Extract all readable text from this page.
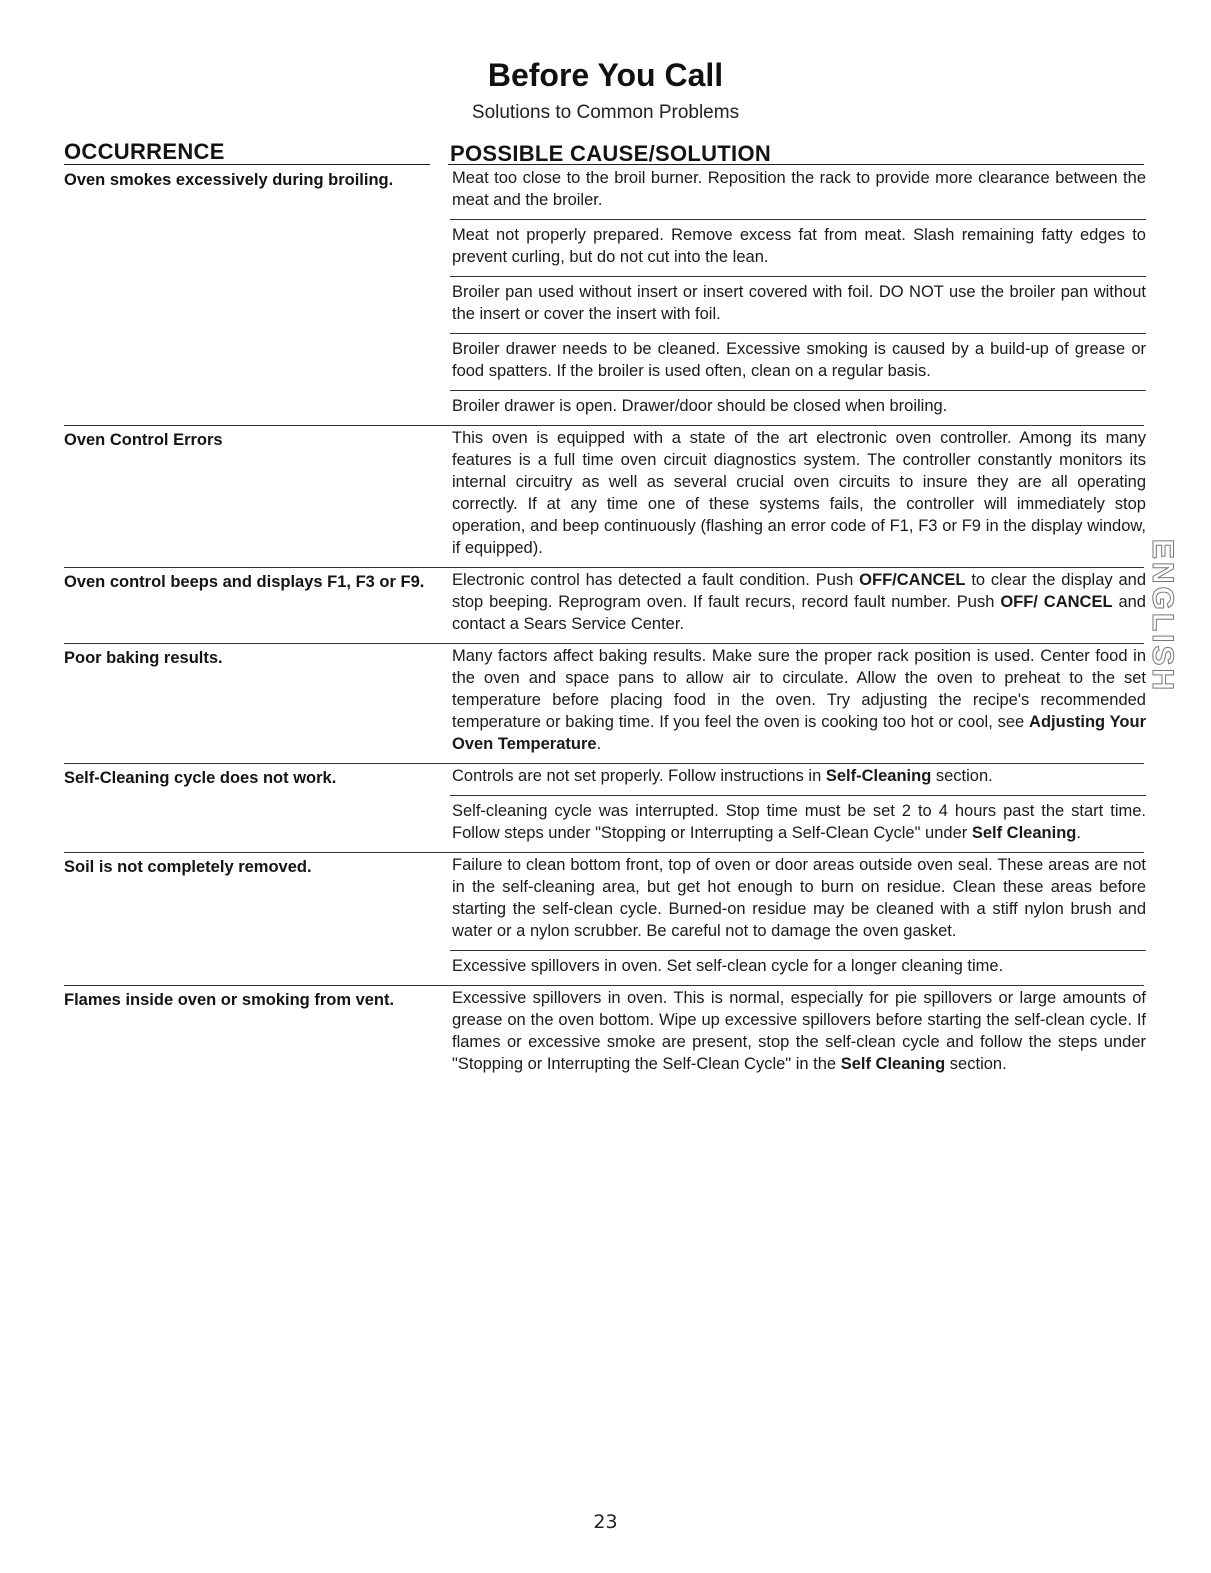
Before You Call
Solutions to Common Problems
OCCURRENCE	POSSIBLE CAUSE/SOLUTION
Oven smokes excessively during broiling.	Meat too close to the broil burner. Reposition the rack to provide more clearance between the meat and the broiler.
Meat not properly prepared. Remove excess fat from meat. Slash remaining fatty edges to prevent curling, but do not cut into the lean.
Broiler pan used without insert or insert covered with foil. DO NOT use the broiler pan without the insert or cover the insert with foil.
Broiler drawer needs to be cleaned. Excessive smoking is caused by a build-up of grease or food spatters. If the broiler is used often, clean on a regular basis.
Broiler drawer is open. Drawer/door should be closed when broiling.
Oven Control Errors	This oven is equipped with a state of the art electronic oven controller. Among its many features is a full time oven circuit diagnostics system. The controller constantly monitors its internal circuitry as well as several crucial oven circuits to insure they are all operating correctly. If at any time one of these systems fails, the controller will immediately stop operation, and beep continuously (flashing an error code of F1, F3 or F9 in the display window, if equipped).
Oven control beeps and displays F1, F3 or F9.	Electronic control has detected a fault condition. Push OFF/CANCEL to clear the display and stop beeping. Reprogram oven. If fault recurs, record fault number. Push OFF/ CANCEL and contact a Sears Service Center.
Poor baking results.	Many factors affect baking results. Make sure the proper rack position is used. Center food in the oven and space pans to allow air to circulate. Allow the oven to preheat to the set temperature before placing food in the oven. Try adjusting the recipe's recommended temperature or baking time. If you feel the oven is cooking too hot or cool, see Adjusting Your Oven Temperature.
Self-Cleaning cycle does not work.	Controls are not set properly. Follow instructions in Self-Cleaning section.
Self-cleaning cycle was interrupted. Stop time must be set 2 to 4 hours past the start time. Follow steps under "Stopping or Interrupting a Self-Clean Cycle" under Self Cleaning.
Soil is not completely removed.	Failure to clean bottom front, top of oven or door areas outside oven seal. These areas are not in the self-cleaning area, but get hot enough to burn on residue. Clean these areas before starting the self-clean cycle. Burned-on residue may be cleaned with a stiff nylon brush and water or a nylon scrubber. Be careful not to damage the oven gasket.
Excessive spillovers in oven. Set self-clean cycle for a longer cleaning time.
Flames inside oven or smoking from vent.	Excessive spillovers in oven. This is normal, especially for pie spillovers or large amounts of grease on the oven bottom. Wipe up excessive spillovers before starting the self-clean cycle. If flames or excessive smoke are present, stop the self-clean cycle and follow the steps under "Stopping or Interrupting the Self-Clean Cycle" in the Self Cleaning section.
ENGLISH
23
